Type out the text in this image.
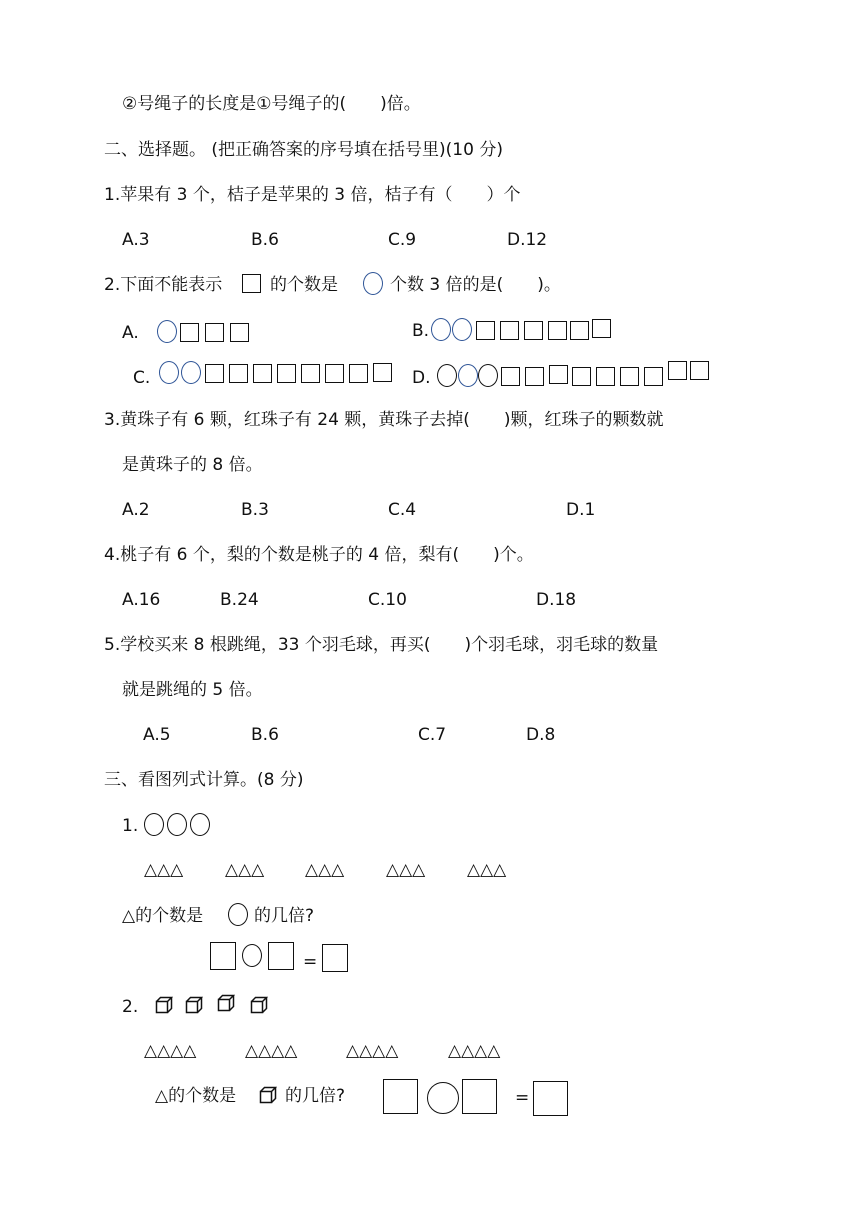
②号绳子的长度是①号绳子的(　　)倍。
二、选择题。 (把正确答案的序号填在括号里)(10 分)
1.苹果有 3 个，桔子是苹果的 3 倍，桔子有（　　）个
A.3	B.6	C.9	D.12
2.下面不能表示	的个数是	个数 3 倍的是(　　)。
A.	B.
C.	D.
3.黄珠子有 6 颗，红珠子有 24 颗，黄珠子去掉(　　)颗，红珠子的颗数就
是黄珠子的 8 倍。
A.2	B.3	C.4	D.1
4.桃子有 6 个，梨的个数是桃子的 4 倍，梨有(　　)个。
A.16	B.24	C.10	D.18
5.学校买来 8 根跳绳，33 个羽毛球，再买(　　)个羽毛球，羽毛球的数量
就是跳绳的 5 倍。
A.5	B.6	C.7	D.8
三、看图列式计算。(8 分)
1.
△△△ △△△ △△△ △△△ △△△
△的个数是	的几倍?
=
2.
△△△△	△△△△	△△△△	△△△△
△的个数是	的几倍?	=
